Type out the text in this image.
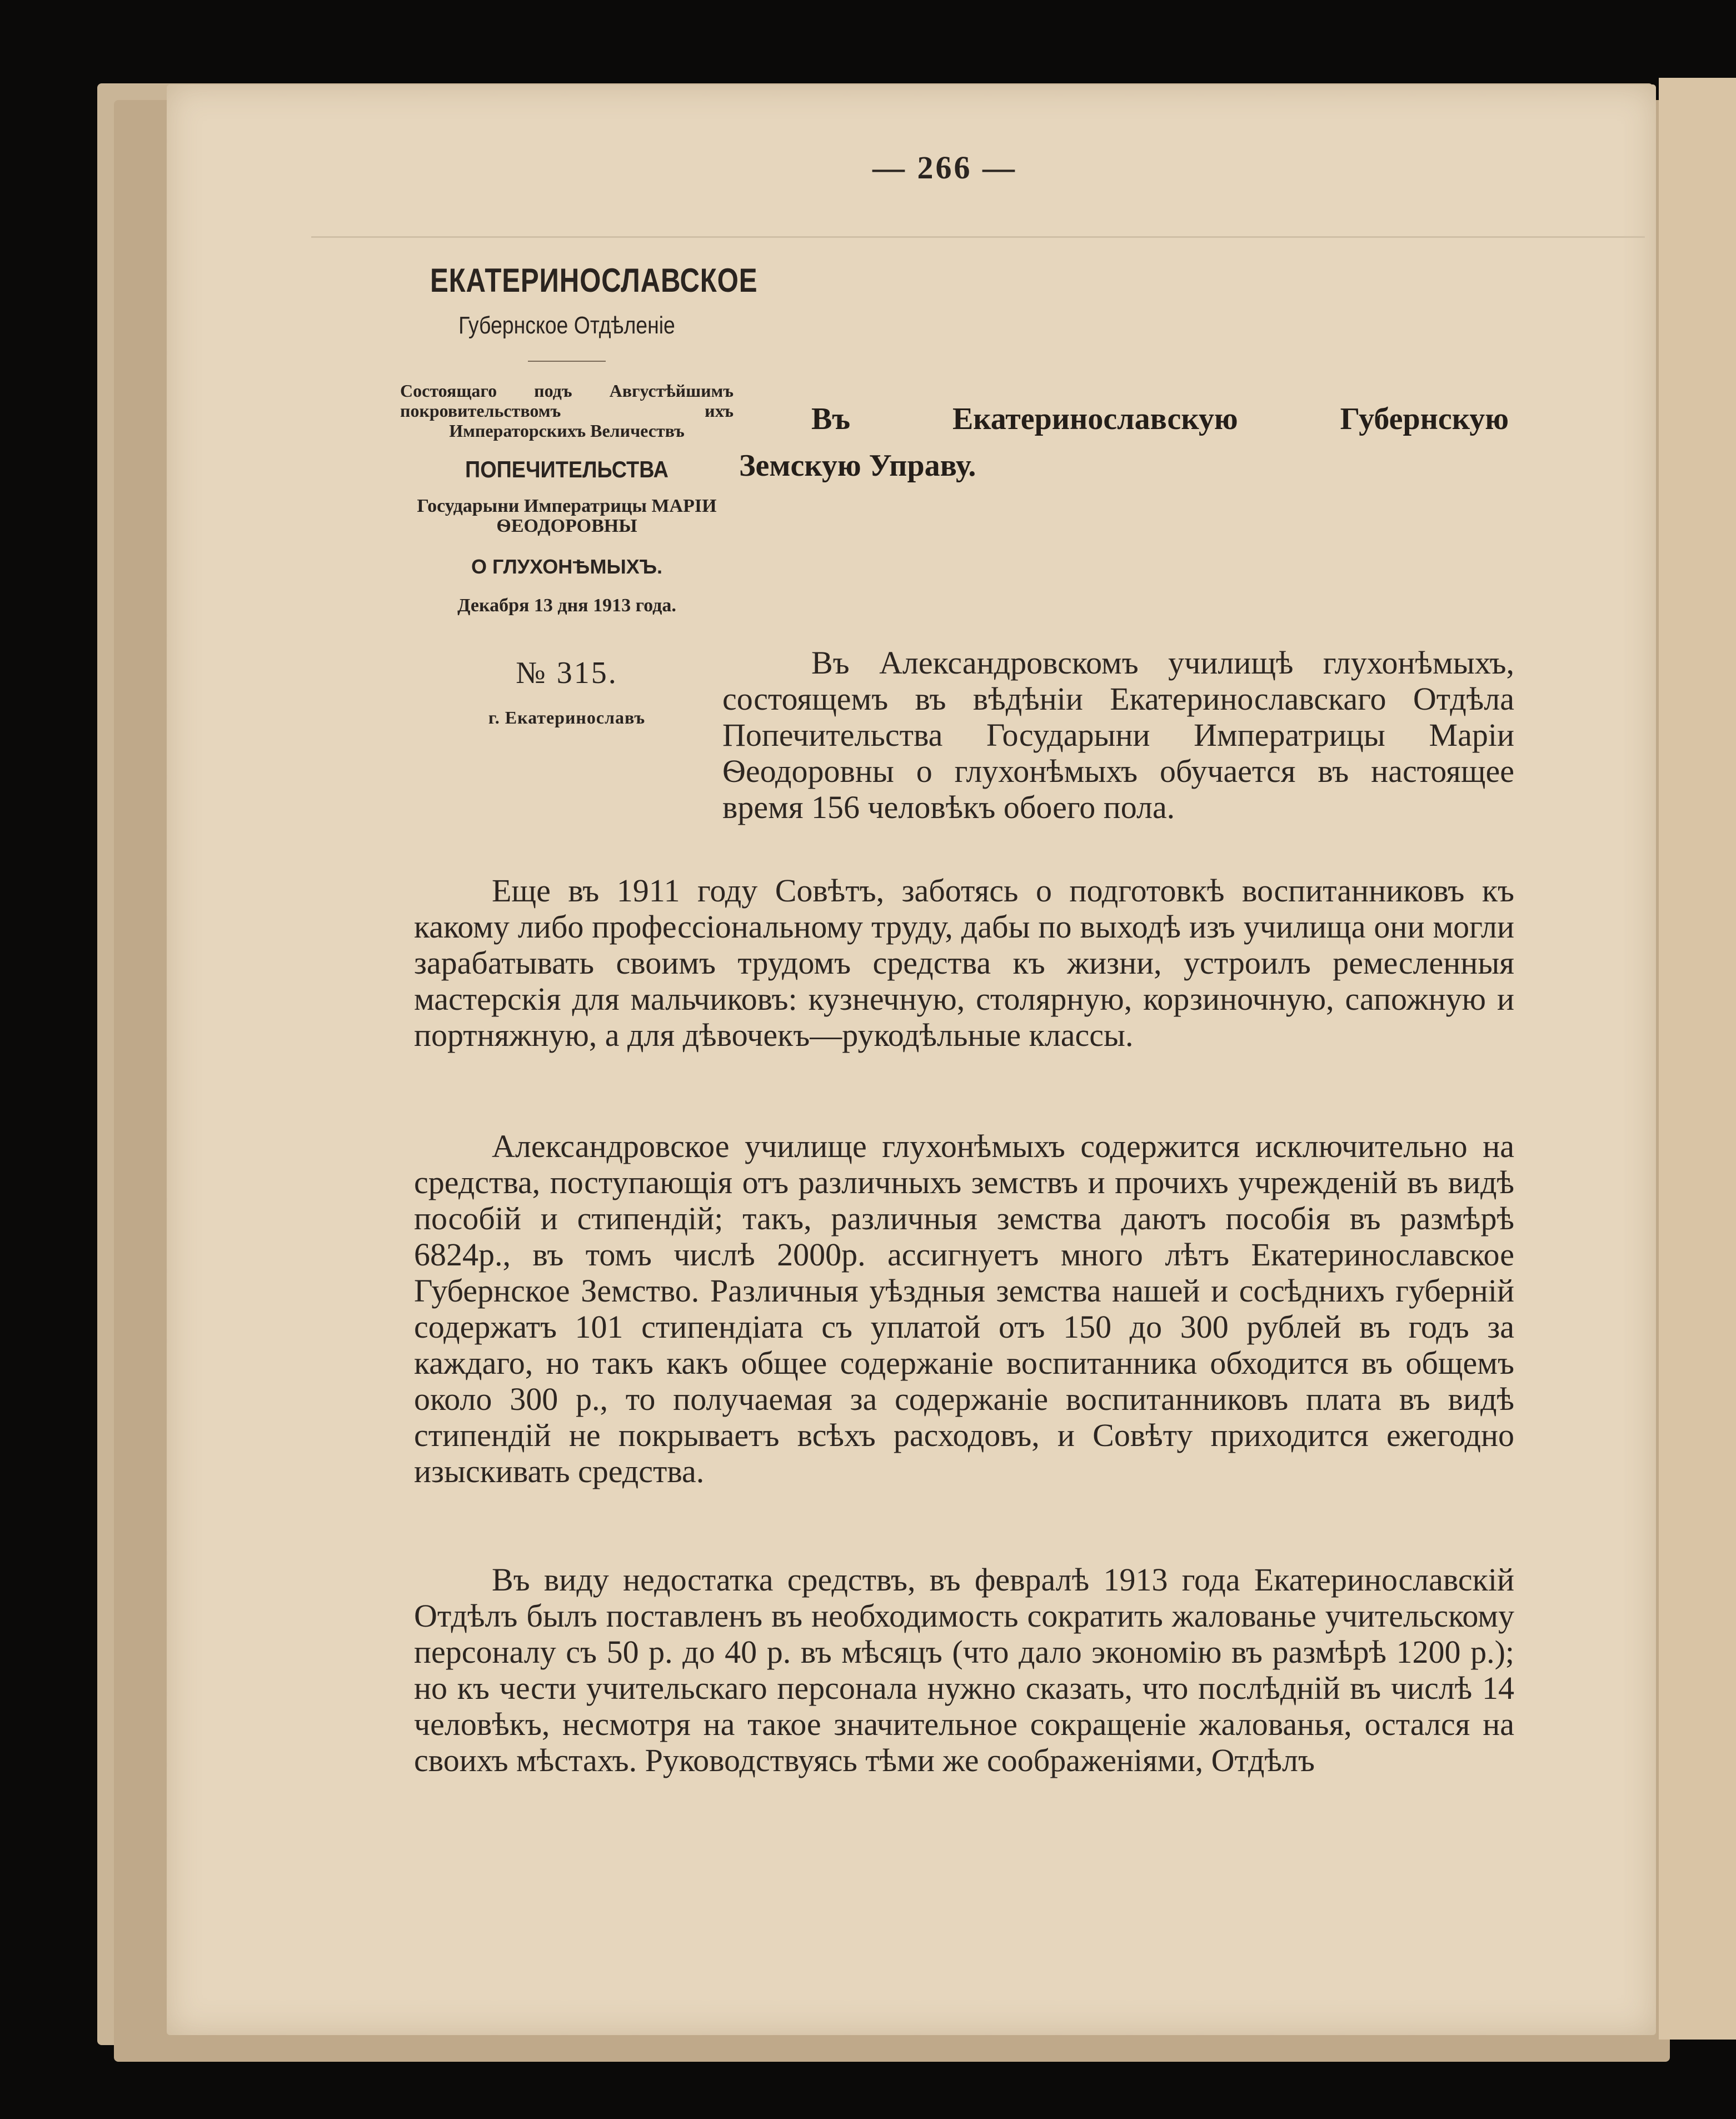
— 266 —
ЕКАТЕРИНОСЛАВСКОЕ
Губернское Отдѣленіе
Состоящаго подъ Августѣйшимъ покровительствомъ ихъ Императорскихъ Величествъ
ПОПЕЧИТЕЛЬСТВА
Государыни Императрицы МАРІИ ѲЕОДОРОВНЫ
О ГЛУХОНѢМЫХЪ.
Декабря 13 дня 1913 года.
№ 315.
г. Екатеринославъ
Въ Екатеринославскую Губернскую
Земскую Управу.
Въ Александровскомъ училищѣ глухонѣмыхъ, состоящемъ въ вѣдѣніи Екатеринославскаго Отдѣла Попечительства Государыни Императрицы Маріи Ѳеодоровны о глухонѣмыхъ обучается въ настоящее время 156 человѣкъ обоего пола.
Еще въ 1911 году Совѣтъ, заботясь о подготовкѣ воспитанниковъ къ какому либо профессіональному труду, дабы по выходѣ изъ училища они могли зарабатывать своимъ трудомъ средства къ жизни, устроилъ ремесленныя мастерскія для мальчиковъ: кузнечную, столярную, корзиночную, сапожную и портняжную, а для дѣвочекъ—рукодѣльные классы.
Александровское училище глухонѣмыхъ содержится исключительно на средства, поступающія отъ различныхъ земствъ и прочихъ учрежденій въ видѣ пособій и стипендій; такъ, различныя земства даютъ пособія въ размѣрѣ 6824р., въ томъ числѣ 2000р. ассигнуетъ много лѣтъ Екатеринославское Губернское Земство. Различныя уѣздныя земства нашей и сосѣднихъ губерній содержатъ 101 стипендіата съ уплатой отъ 150 до 300 рублей въ годъ за каждаго, но такъ какъ общее содержаніе воспитанника обходится въ общемъ около 300 р., то получаемая за содержаніе воспитанниковъ плата въ видѣ стипендій не покрываетъ всѣхъ расходовъ, и Совѣту приходится ежегодно изыскивать средства.
Въ виду недостатка средствъ, въ февралѣ 1913 года Екатеринославскій Отдѣлъ былъ поставленъ въ необходимость сократить жалованье учительскому персоналу съ 50 р. до 40 р. въ мѣсяцъ (что дало экономію въ размѣрѣ 1200 р.); но къ чести учительскаго персонала нужно сказать, что послѣдній въ числѣ 14 человѣкъ, несмотря на такое значительное сокращеніе жалованья, остался на своихъ мѣстахъ. Руководствуясь тѣми же соображеніями, Отдѣлъ
